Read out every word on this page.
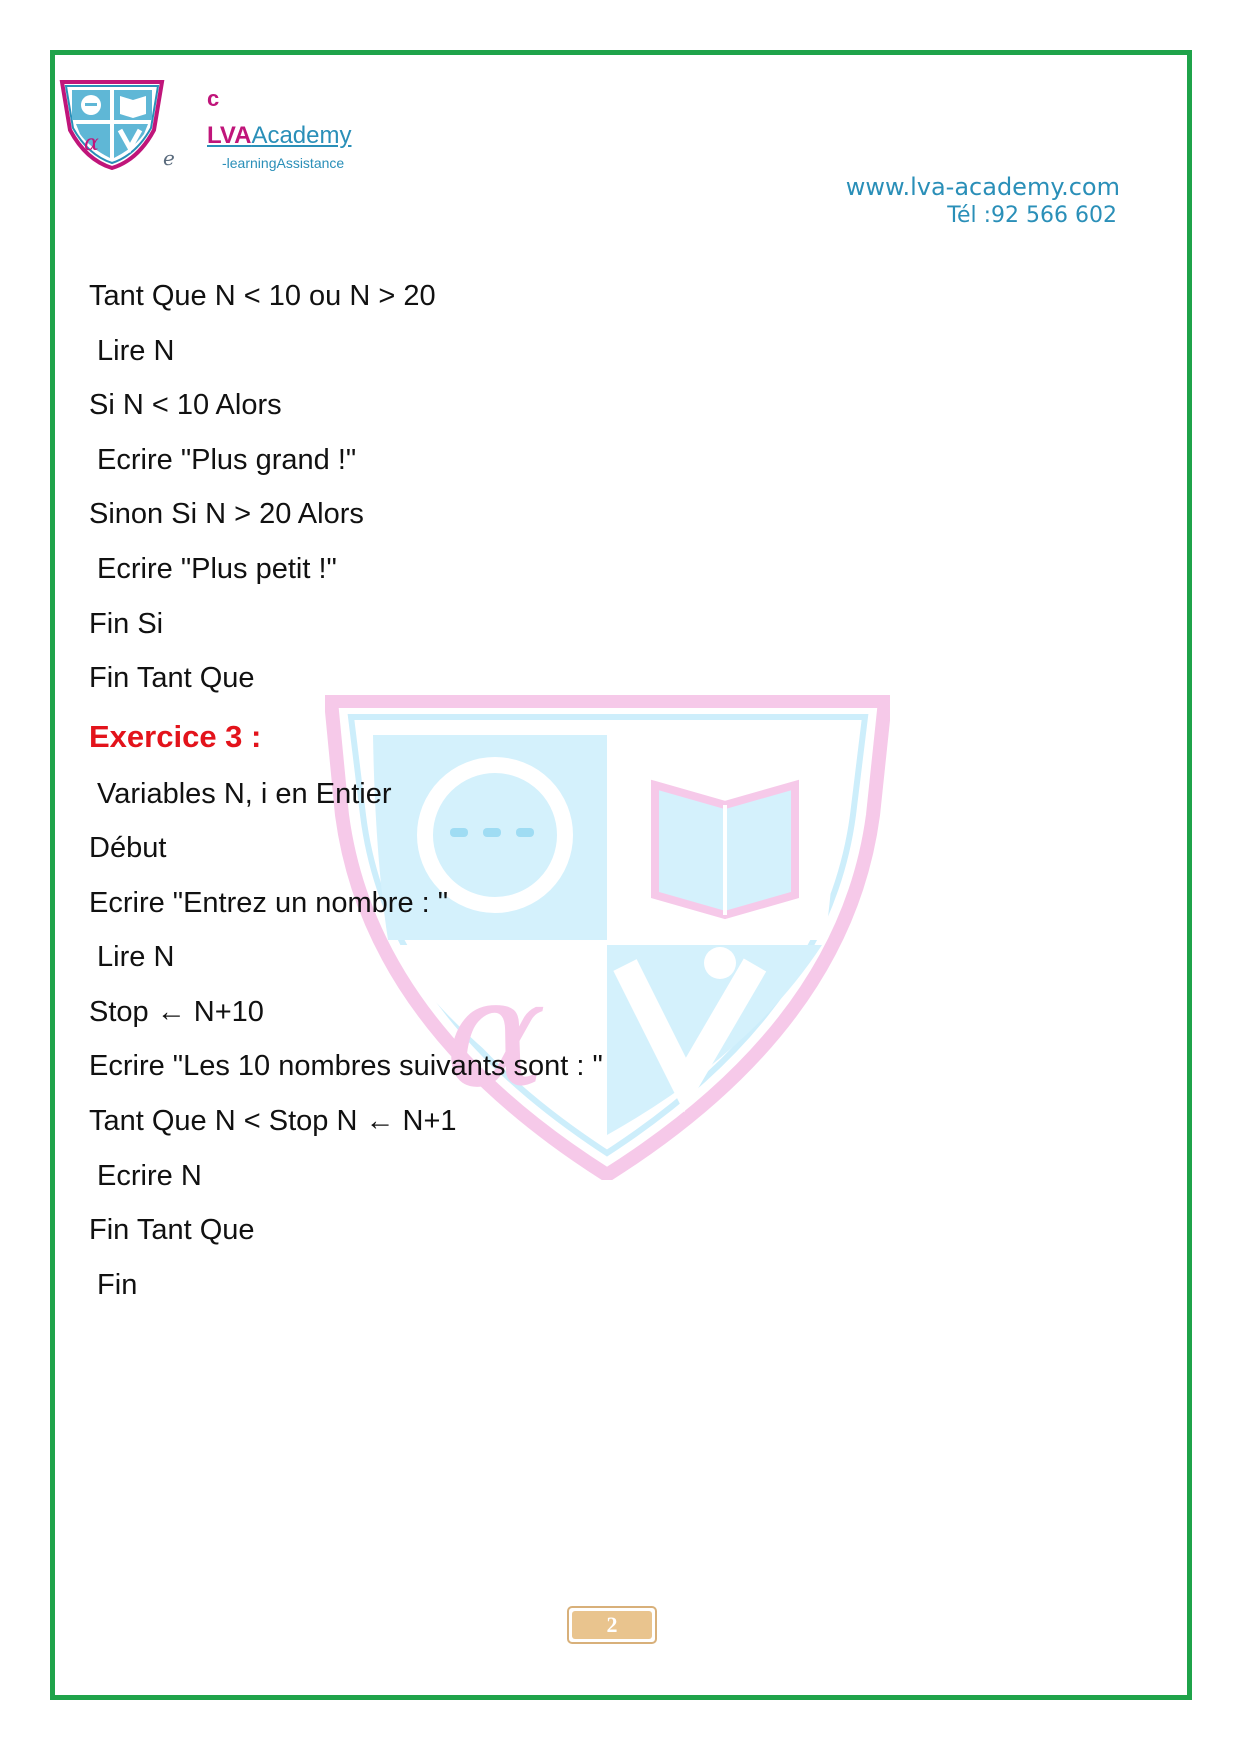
α
e
c
LVAAcademy
-learningAssistance
www.lva-academy.com
Tél :92 566 602
α
Tant Que N < 10 ou N > 20
Lire N
Si N < 10 Alors
Ecrire "Plus grand !"
Sinon Si N > 20 Alors
Ecrire "Plus petit !"
Fin Si
Fin Tant Que
Exercice 3 :
Variables N, i en Entier
Début
Ecrire "Entrez un nombre : "
Lire N
Stop ← N+10
Ecrire "Les 10 nombres suivants sont : "
Tant Que N < Stop N ← N+1
Ecrire N
Fin Tant Que
Fin
2
